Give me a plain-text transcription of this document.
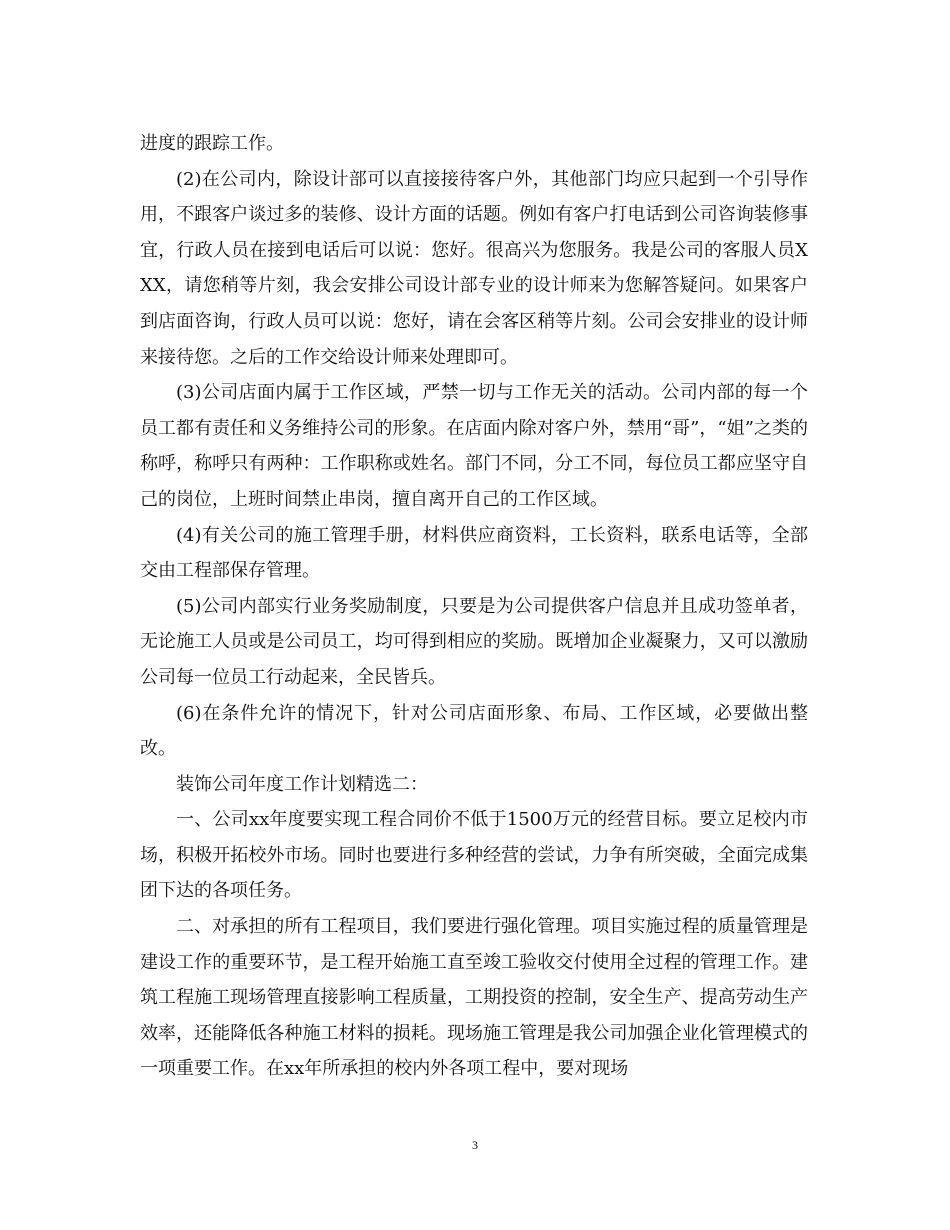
进度的跟踪工作。

(2)在公司内，除设计部可以直接接待客户外，其他部门均应只起到一个引导作用，不跟客户谈过多的装修、设计方面的话题。例如有客户打电话到公司咨询装修事宜，行政人员在接到电话后可以说：您好。很高兴为您服务。我是公司的客服人员XXX，请您稍等片刻，我会安排公司设计部专业的设计师来为您解答疑问。如果客户到店面咨询，行政人员可以说：您好，请在会客区稍等片刻。公司会安排业的设计师来接待您。之后的工作交给设计师来处理即可。

(3)公司店面内属于工作区域，严禁一切与工作无关的活动。公司内部的每一个员工都有责任和义务维持公司的形象。在店面内除对客户外，禁用“哥”，“姐”之类的称呼，称呼只有两种：工作职称或姓名。部门不同，分工不同，每位员工都应坚守自己的岗位，上班时间禁止串岗，擅自离开自己的工作区域。

(4)有关公司的施工管理手册，材料供应商资料，工长资料，联系电话等，全部交由工程部保存管理。

(5)公司内部实行业务奖励制度，只要是为公司提供客户信息并且成功签单者，无论施工人员或是公司员工，均可得到相应的奖励。既增加企业凝聚力，又可以激励公司每一位员工行动起来，全民皆兵。

(6)在条件允许的情况下，针对公司店面形象、布局、工作区域，必要做出整改。

装饰公司年度工作计划精选二：

一、公司xx年度要实现工程合同价不低于1500万元的经营目标。要立足校内市场，积极开拓校外市场。同时也要进行多种经营的尝试，力争有所突破，全面完成集团下达的各项任务。

二、对承担的所有工程项目，我们要进行强化管理。项目实施过程的质量管理是建设工作的重要环节，是工程开始施工直至竣工验收交付使用全过程的管理工作。建筑工程施工现场管理直接影响工程质量，工期投资的控制，安全生产、提高劳动生产效率，还能降低各种施工材料的损耗。现场施工管理是我公司加强企业化管理模式的一项重要工作。在xx年所承担的校内外各项工程中，要对现场

3
